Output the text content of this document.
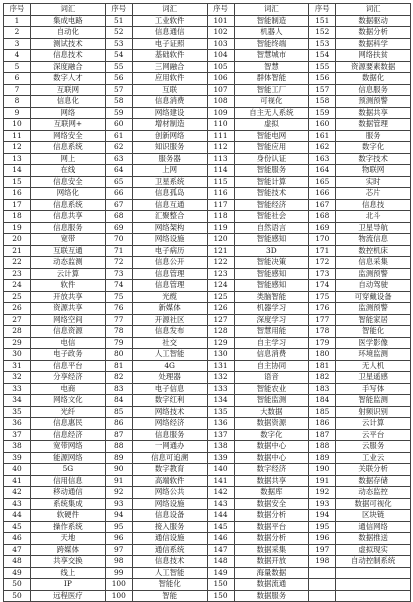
序号	词汇	序号	词汇	序号	词汇	序号	词汇
1	集成电路	51	工业软件	101	智能制造	151	数据驱动
2	自动化	52	信息通信	102	机器人	152	数据分析
3	测试技术	53	电子证照	103	智能终端	153	数据科学
4	信息技术	54	基础软件	104	智慧城市	154	网络扶贫
5	深度融合	55	三网融合	105	智慧	155	资源要素数据
6	数字人才	56	应用软件	106	群体智能	156	数据化
7	互联网	57	互联	107	智能工厂	157	信息服务
8	信息化	58	信息消费	108	可视化	158	预测预警
9	网络	59	网络建设	109	自主无人系统	159	数据共享
10	互联网+	60	增材制造	110	虚拟	160	数据管理
11	网络安全	61	创新网络	111	智能电网	161	服务
12	信息系统	62	知识服务	112	智能应用	162	数字化
13	网上	63	服务器	113	身份认证	163	数字技术
14	在线	64	上网	114	智能服务	164	物联网
15	信息安全	65	卫星系统	115	智能计算	165	实时
16	网络化	66	信息孤岛	116	智能技术	166	芯片
17	信息系统	67	信息互通	117	智能经济	167	信息技
18	信息共享	68	汇聚整合	118	智能社会	168	北斗
19	信息服务	69	网络架构	119	自然语言	169	卫星导航
20	宽带	70	网络设施	120	智能感知	170	物流信息
21	互联互通	71	电子病历	121	3D	171	数控机床
22	动态监测	72	信息公开	122	智能决策	172	信息采集
23	云计算	73	信息管理	123	智能感知	173	监测预警
24	软件	74	信息管理	124	智能感知	174	自动驾驶
25	开放共享	75	光缆	125	类脑智能	175	可穿戴设备
26	资源共享	76	新媒体	126	机器学习	176	监测预警
27	网络空间	77	开源社区	127	深度学习	177	智能家居
28	信息资源	78	信息发布	128	智慧用能	178	智能化
29	电信	79	社交	129	自主学习	179	医学影像
30	电子政务	80	人工智能	130	信息消费	180	环境监测
31	信息平台	81	4G	131	自主协同	181	无人机
32	分享经济	82	处理器	132	语音	182	卫星遥感
33	电商	83	电子信息	133	智能农业	183	手写体
34	网络文化	84	数字红利	134	智能监测	184	智能监测
35	光纤	85	网络技术	135	大数据	185	射频识别
36	信息惠民	86	网络经济	136	数据资源	186	云计算
37	信息经济	87	信息服务	137	数字化	187	云平台
38	宽带网络	88	一网通办	138	数据中心	188	云服务
39	能源网络	89	信息可追溯	139	数据中心	189	工业云
40	5G	90	数字教育	140	数字经济	190	关联分析
41	信用信息	91	高端软件	141	数据共享	191	数据存储
42	移动通信	92	网络公共	142	数据库	192	动态监控
43	系统集成	93	网络设施	143	数据安全	193	数据可视化
44	软硬件	94	信息设备	144	数据分析	194	区块链
45	操作系统	95	接入服务	145	数据平台	195	通信网络
46	天地	96	通信设施	146	数据分析	196	数据推送
47	跨媒体	97	通信系统	147	数据采集	197	虚拟现实
48	共享交换	98	信息技术	148	数据开放	198	自动控制系统
49	线上	99	人工智能	149	海量数据		
50	IP	100	智能化	150	数据流通		
50	远程医疗	100	智能	150	数据服务		
